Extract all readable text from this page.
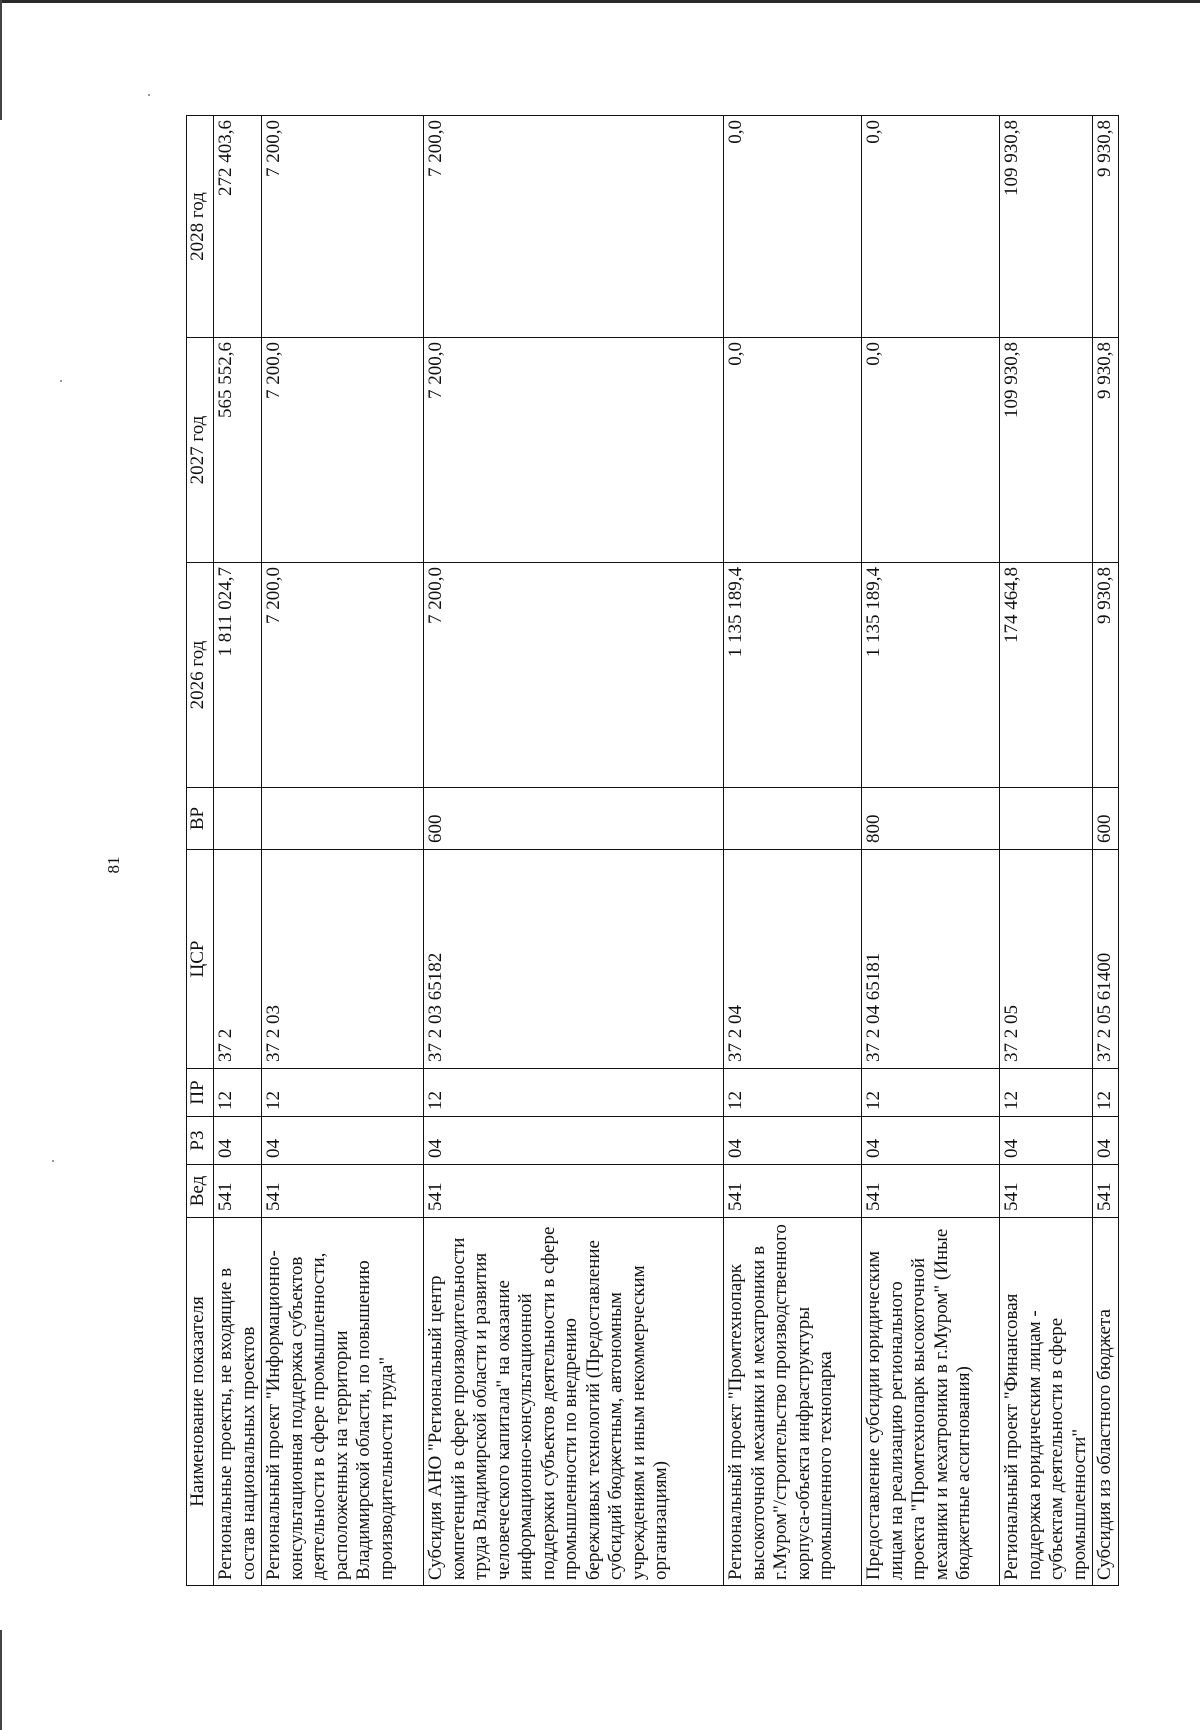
81
Наименование показателя	Вед	РЗ	ПР	ЦСР	ВР	2026 год	2027 год	2028 год
Региональные проекты, не входящие в состав национальных проектов	541	04	12	37 2		1 811 024,7	565 552,6	272 403,6
Региональный проект "Информационно-консультационная поддержка субъектов деятельности в сфере промышленности, расположенных на территории Владимирской области, по повышению производительности труда"	541	04	12	37 2 03		7 200,0	7 200,0	7 200,0
Субсидия АНО "Региональный центр компетенций в сфере производительности труда Владимирской области и развития человеческого капитала" на оказание информационно-консультационной поддержки субъектов деятельности в сфере промышленности по внедрению бережливых технологий (Предоставление субсидий бюджетным, автономным учреждениям и иным некоммерческим организациям)	541	04	12	37 2 03 65182	600	7 200,0	7 200,0	7 200,0
Региональный проект "Промтехнопарк высокоточной механики и мехатроники в г.Муром"/строительство производственного корпуса-объекта инфраструктуры промышленного технопарка	541	04	12	37 2 04		1 135 189,4	0,0	0,0
Предоставление субсидии юридическим лицам на реализацию регионального проекта "Промтехнопарк высокоточной механики и мехатроники в г.Муром" (Иные бюджетные ассигнования)	541	04	12	37 2 04 65181	800	1 135 189,4	0,0	0,0
Региональный проект "Финансовая поддержка юридическим лицам - субъектам деятельности в сфере промышленности"	541	04	12	37 2 05		174 464,8	109 930,8	109 930,8
Субсидия из областного бюджета	541	04	12	37 2 05 61400	600	9 930,8	9 930,8	9 930,8
